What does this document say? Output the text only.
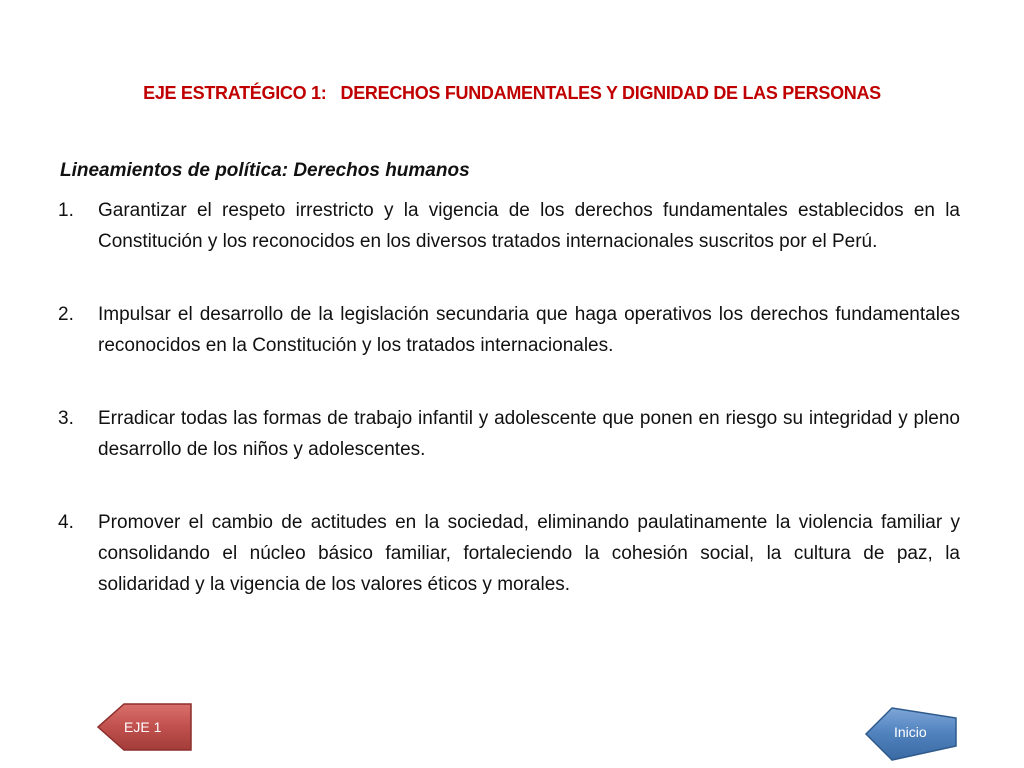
EJE ESTRATÉGICO 1:   DERECHOS FUNDAMENTALES Y DIGNIDAD DE LAS PERSONAS
Lineamientos de política: Derechos humanos
1.	Garantizar el respeto irrestricto y la vigencia de los derechos fundamentales establecidos en la Constitución y los reconocidos en los diversos tratados internacionales suscritos por el Perú.
2.	Impulsar el desarrollo de la legislación secundaria que haga operativos los derechos fundamentales reconocidos en la Constitución y los tratados internacionales.
3.	Erradicar todas las formas de trabajo infantil y adolescente que ponen en riesgo su integridad y pleno desarrollo de los niños y adolescentes.
4.	Promover el cambio de actitudes en la sociedad, eliminando paulatinamente la violencia familiar y consolidando el núcleo básico familiar, fortaleciendo la cohesión social, la cultura de paz, la solidaridad y la vigencia de los valores éticos y morales.
EJE 1	Inicio
